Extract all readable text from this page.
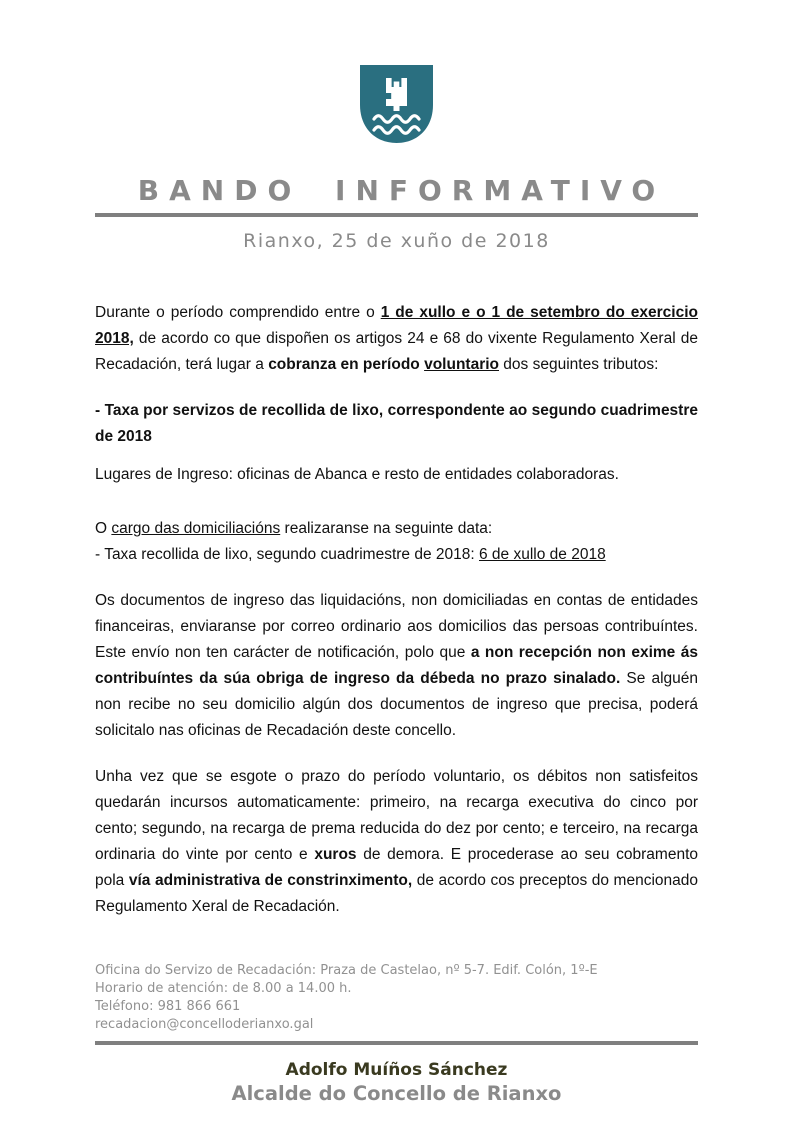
BANDO INFORMATIVO
Rianxo, 25 de xuño de 2018

Durante o período comprendido entre o 1 de xullo e o 1 de setembro do exercicio 2018, de acordo co que dispoñen os artigos 24 e 68 do vixente Regulamento Xeral de Recadación, terá lugar a cobranza en período voluntario dos seguintes tributos:

- Taxa por servizos de recollida de lixo, correspondente ao segundo cuadrimestre de 2018

Lugares de Ingreso: oficinas de Abanca e resto de entidades colaboradoras.

O cargo das domiciliacións realizaranse na seguinte data:
- Taxa recollida de lixo, segundo cuadrimestre de 2018: 6 de xullo de 2018

Os documentos de ingreso das liquidacións, non domiciliadas en contas de entidades financeiras, enviaranse por correo ordinario aos domicilios das persoas contribuíntes. Este envío non ten carácter de notificación, polo que a non recepción non exime ás contribuíntes da súa obriga de ingreso da débeda no prazo sinalado. Se alguén non recibe no seu domicilio algún dos documentos de ingreso que precisa, poderá solicitalo nas oficinas de Recadación deste concello.

Unha vez que se esgote o prazo do período voluntario, os débitos non satisfeitos quedarán incursos automaticamente: primeiro, na recarga executiva do cinco por cento; segundo, na recarga de prema reducida do dez por cento; e terceiro, na recarga ordinaria do vinte por cento e xuros de demora. E procederase ao seu cobramento pola vía administrativa de constrinximento, de acordo cos preceptos do mencionado Regulamento Xeral de Recadación.

Oficina do Servizo de Recadación: Praza de Castelao, nº 5-7. Edif. Colón, 1º-E
Horario de atención: de 8.00 a 14.00 h.
Teléfono: 981 866 661
recadacion@concelloderianxo.gal
Adolfo Muíños Sánchez
Alcalde do Concello de Rianxo
